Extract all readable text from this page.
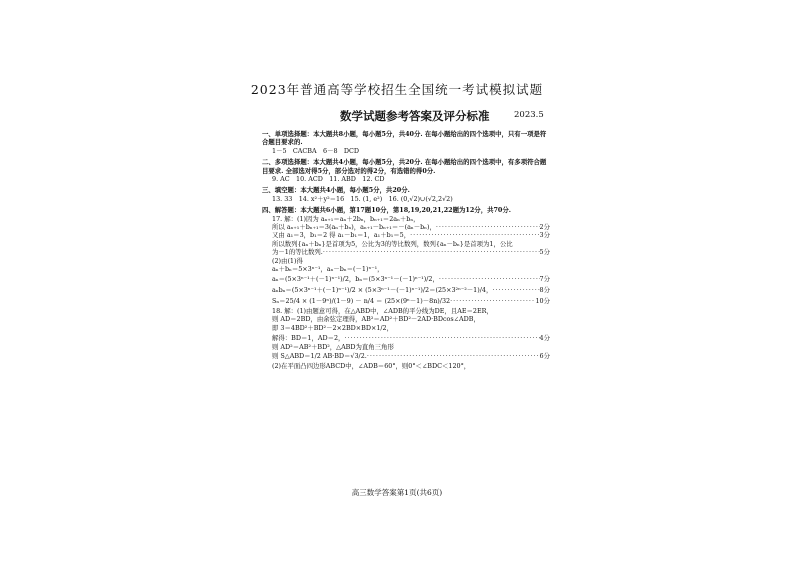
2023年普通高等学校招生全国统一考试模拟试题
数学试题参考答案及评分标准	2023.5
一、单项选择题：本大题共8小题，每小题5分，共40分. 在每小题给出的四个选项中，只有一项是符合题目要求的.
1－5　CACBA　6－8　DCD
二、多项选择题：本大题共4小题，每小题5分，共20分. 在每小题给出的四个选项中，有多项符合题目要求. 全部选对得5分，部分选对的得2分，有选错的得0分.
9. AC　10. ACD　11. ABD　12. CD
三、填空题：本大题共4小题，每小题5分，共20分.
13. 33　14. x²＋y²＝16　15. (1, e²)　16. (0,√2)∪(√2,2√2)
四、解答题：本大题共6小题，第17题10分，第18,19,20,21,22题为12分，共70分.
17. 解：(1)因为 aₙ₊₁＝aₙ＋2bₙ，bₙ₊₁＝2aₙ＋bₙ，
所以 aₙ₊₁＋bₙ₊₁＝3(aₙ＋bₙ)，aₙ₊₁－bₙ₊₁＝－(aₙ－bₙ)， ·····	2分
又由 a₁＝3，b₁＝2 得 a₁－b₁＝1，a₁＋b₁＝5， ·····	3分
所以数列{aₙ＋bₙ}是首项为5，公比为3的等比数列，数列{aₙ－bₙ}是首项为1，公比
为－1的等比数列. ·····	5分
(2)由(1)得
aₙ＋bₙ＝5×3ⁿ⁻¹，aₙ－bₙ＝(－1)ⁿ⁻¹，
aₙ＝(5×3ⁿ⁻¹＋(－1)ⁿ⁻¹)/2，bₙ＝(5×3ⁿ⁻¹－(－1)ⁿ⁻¹)/2， ·····	7分
aₙbₙ＝(5×3ⁿ⁻¹＋(－1)ⁿ⁻¹)/2 × (5×3ⁿ⁻¹－(－1)ⁿ⁻¹)/2＝(25×3²ⁿ⁻²－1)/4， ·····	8分
Sₙ＝25/4 × (1－9ⁿ)/(1－9) － n/4 ＝ (25×(9ⁿ－1)－8n)/32 ·····	10分
18. 解：(1)由题意可得，在△ABD中，∠ADB的平分线为DE，且AE＝2ER，
则 AD＝2BD，由余弦定理得，AB²＝AD²＋BD²－2AD·BDcos∠ADB，
即 3＝4BD²＋BD²－2×2BD×BD×1/2，
解得：BD＝1，AD＝2， ·····	4分
则 AD²＝AB²＋BD²，△ABD为直角三角形
则 S△ABD＝1/2 AB·BD＝√3/2. ·····	6分
(2)在平面凸四边形ABCD中，∠ADB＝60°，则0°＜∠BDC＜120°，
高三数学答案第1页(共6页)
